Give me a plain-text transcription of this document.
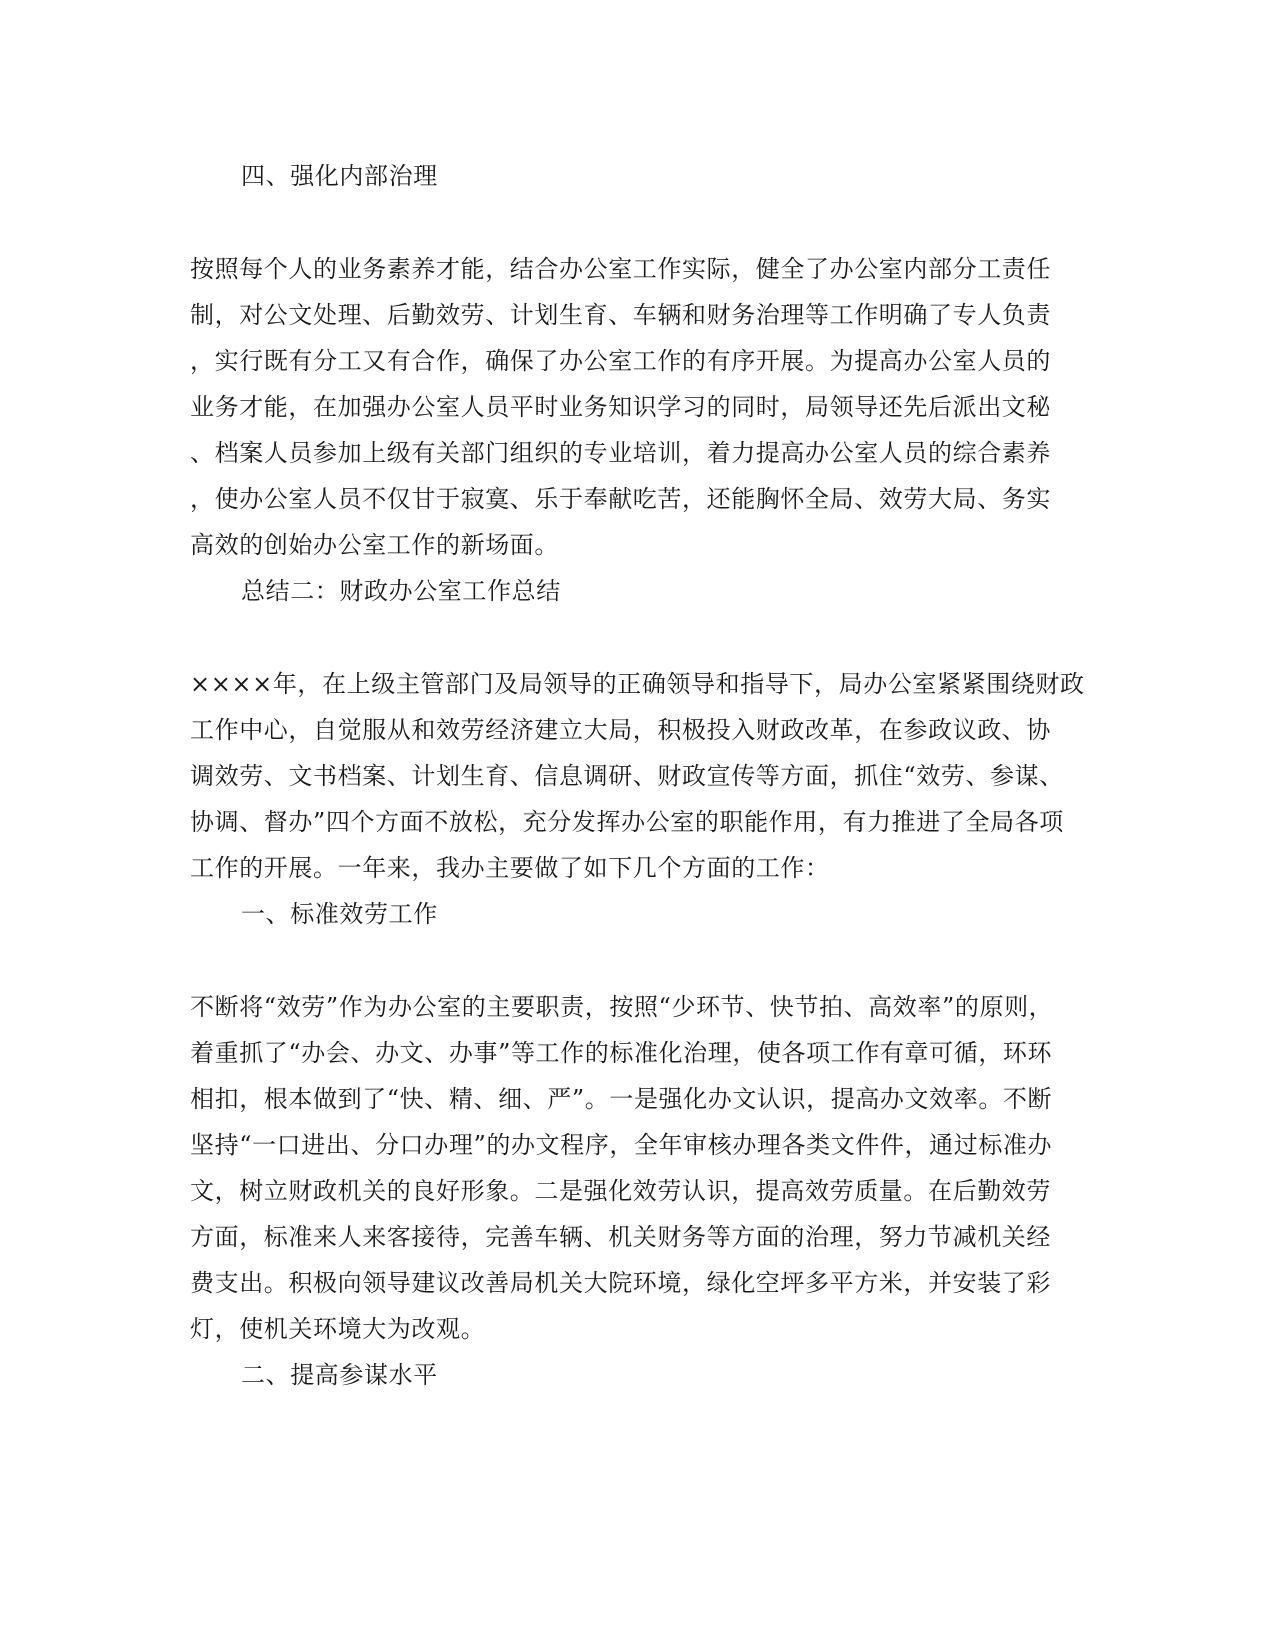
四、强化内部治理
按照每个人的业务素养才能，结合办公室工作实际，健全了办公室内部分工责任
制，对公文处理、后勤效劳、计划生育、车辆和财务治理等工作明确了专人负责
，实行既有分工又有合作，确保了办公室工作的有序开展。为提高办公室人员的
业务才能，在加强办公室人员平时业务知识学习的同时，局领导还先后派出文秘
、档案人员参加上级有关部门组织的专业培训，着力提高办公室人员的综合素养
，使办公室人员不仅甘于寂寞、乐于奉献吃苦，还能胸怀全局、效劳大局、务实
高效的创始办公室工作的新场面。
总结二：财政办公室工作总结
××××年，在上级主管部门及局领导的正确领导和指导下，局办公室紧紧围绕财政
工作中心，自觉服从和效劳经济建立大局，积极投入财政改革，在参政议政、协
调效劳、文书档案、计划生育、信息调研、财政宣传等方面，抓住“效劳、参谋、
协调、督办”四个方面不放松，充分发挥办公室的职能作用，有力推进了全局各项
工作的开展。一年来，我办主要做了如下几个方面的工作：
一、标准效劳工作
不断将“效劳”作为办公室的主要职责，按照“少环节、快节拍、高效率”的原则，
着重抓了“办会、办文、办事”等工作的标准化治理，使各项工作有章可循，环环
相扣，根本做到了“快、精、细、严”。一是强化办文认识，提高办文效率。不断
坚持“一口进出、分口办理”的办文程序，全年审核办理各类文件件，通过标准办
文，树立财政机关的良好形象。二是强化效劳认识，提高效劳质量。在后勤效劳
方面，标准来人来客接待，完善车辆、机关财务等方面的治理，努力节减机关经
费支出。积极向领导建议改善局机关大院环境，绿化空坪多平方米，并安装了彩
灯，使机关环境大为改观。
二、提高参谋水平
